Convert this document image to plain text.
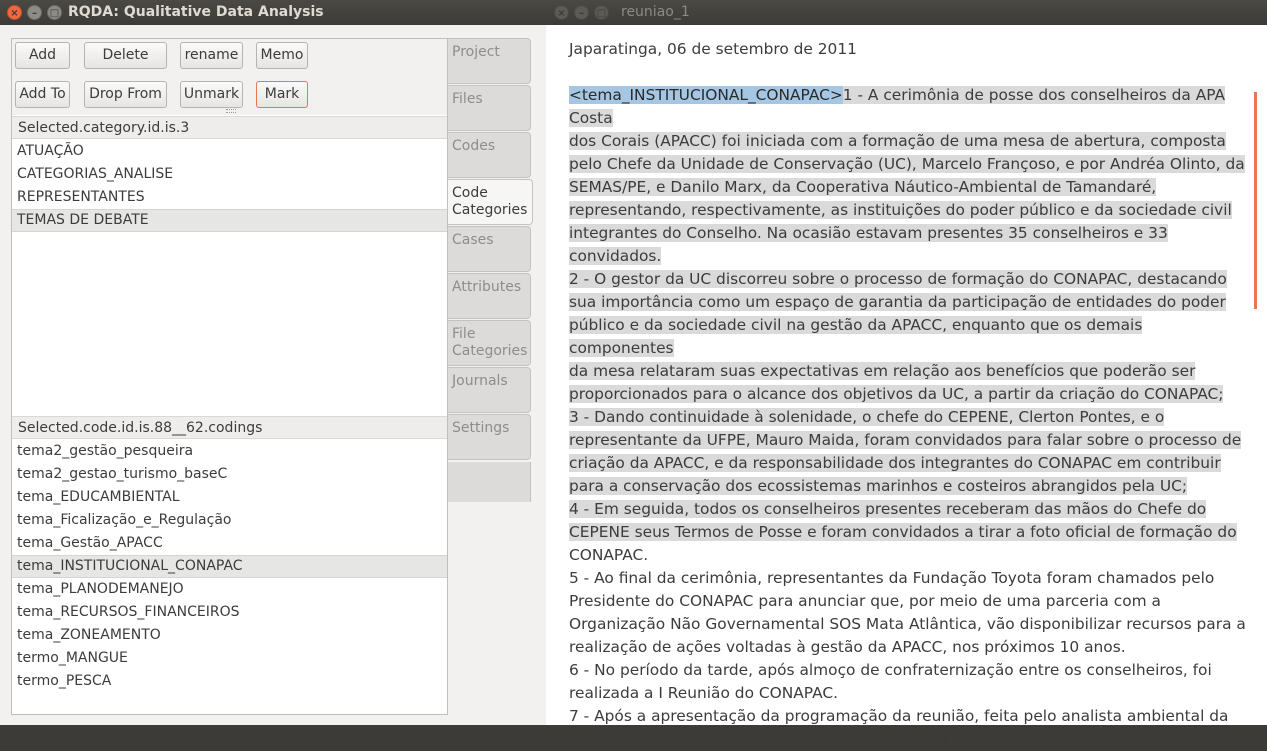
×	–	□ RQDA: Qualitative Data Analysis
Add	Delete	rename	Memo
Add To	Drop From	Unmark	Mark
Selected.category.id.is.3
ATUAÇÃO
CATEGORIAS_ANALISE
REPRESENTANTES
TEMAS DE DEBATE
Selected.code.id.is.88__62.codings
tema2_gestão_pesqueira
tema2_gestao_turismo_baseC
tema_EDUCAMBIENTAL
tema_Ficalização_e_Regulação
tema_Gestão_APACC
tema_INSTITUCIONAL_CONAPAC
tema_PLANODEMANEJO
tema_RECURSOS_FINANCEIROS
tema_ZONEAMENTO
termo_MANGUE
termo_PESCA
Project
Files
Codes
Code
Categories
Cases
Attributes
File
Categories
Journals
Settings
×	–	□ reuniao_1

Japaratinga, 06 de setembro de 2011

<tema_INSTITUCIONAL_CONAPAC>1 - A cerimônia de posse dos conselheiros da APA Costa

dos Corais (APACC) foi iniciada com a formação de uma mesa de abertura, composta

pelo Chefe da Unidade de Conservação (UC), Marcelo Françoso, e por Andréa Olinto, da

SEMAS/PE, e Danilo Marx, da Cooperativa Náutico-Ambiental de Tamandaré,

representando, respectivamente, as instituições do poder público e da sociedade civil

integrantes do Conselho. Na ocasião estavam presentes 35 conselheiros e 33

convidados.

2 - O gestor da UC discorreu sobre o processo de formação do CONAPAC, destacando

sua importância como um espaço de garantia da participação de entidades do poder

público e da sociedade civil na gestão da APACC, enquanto que os demais componentes

da mesa relataram suas expectativas em relação aos benefícios que poderão ser

proporcionados para o alcance dos objetivos da UC, a partir da criação do CONAPAC;

3 - Dando continuidade à solenidade, o chefe do CEPENE, Clerton Pontes, e o

representante da UFPE, Mauro Maida, foram convidados para falar sobre o processo de

criação da APACC, e da responsabilidade dos integrantes do CONAPAC em contribuir

para a conservação dos ecossistemas marinhos e costeiros abrangidos pela UC;

4 - Em seguida, todos os conselheiros presentes receberam das mãos do Chefe do

CEPENE seus Termos de Posse e foram convidados a tirar a foto oficial de formação do

CONAPAC.

5 - Ao final da cerimônia, representantes da Fundação Toyota foram chamados pelo

Presidente do CONAPAC para anunciar que, por meio de uma parceria com a

Organização Não Governamental SOS Mata Atlântica, vão disponibilizar recursos para a

realização de ações voltadas à gestão da APACC, nos próximos 10 anos.

6 - No período da tarde, após almoço de confraternização entre os conselheiros, foi

realizada a I Reunião do CONAPAC.

7 - Após a apresentação da programação da reunião, feita pelo analista ambiental da

APACC Eduardo Machado, o Presidente do Conselho alertou os conselheiros sobre um
